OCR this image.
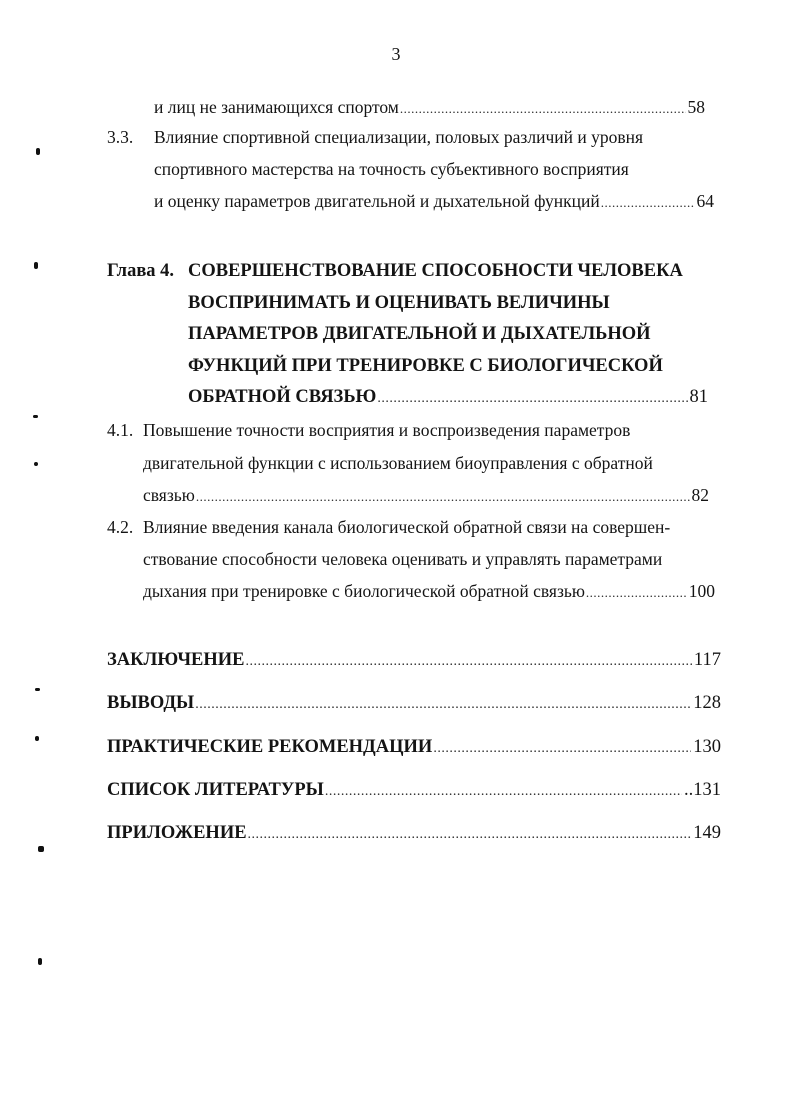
3
и лиц не занимающихся спортом .....	58
3.3.	Влияние спортивной специализации, половых различий и уровня
спортивного мастерства на точность субъективного восприятия
и оценку параметров двигательной и дыхательной функций .....	64
Глава 4. СОВЕРШЕНСТВОВАНИЕ СПОСОБНОСТИ ЧЕЛОВЕКА
ВОСПРИНИМАТЬ И ОЦЕНИВАТЬ ВЕЛИЧИНЫ
ПАРАМЕТРОВ ДВИГАТЕЛЬНОЙ И ДЫХАТЕЛЬНОЙ
ФУНКЦИЙ ПРИ ТРЕНИРОВКЕ С БИОЛОГИЧЕСКОЙ
ОБРАТНОЙ СВЯЗЬЮ .....	81
4.1. Повышение точности восприятия и воспроизведения параметров
двигательной функции с использованием биоуправления с обратной
связью .....	82
4.2. Влияние введения канала биологической обратной связи на совершен-
ствование способности человека оценивать и управлять параметрами
дыхания при тренировке с биологической обратной связью .....	100
ЗАКЛЮЧЕНИЕ .....	117
ВЫВОДЫ .....	128
ПРАКТИЧЕСКИЕ РЕКОМЕНДАЦИИ .....	130
СПИСОК ЛИТЕРАТУРЫ .....	..131
ПРИЛОЖЕНИЕ .....	149
